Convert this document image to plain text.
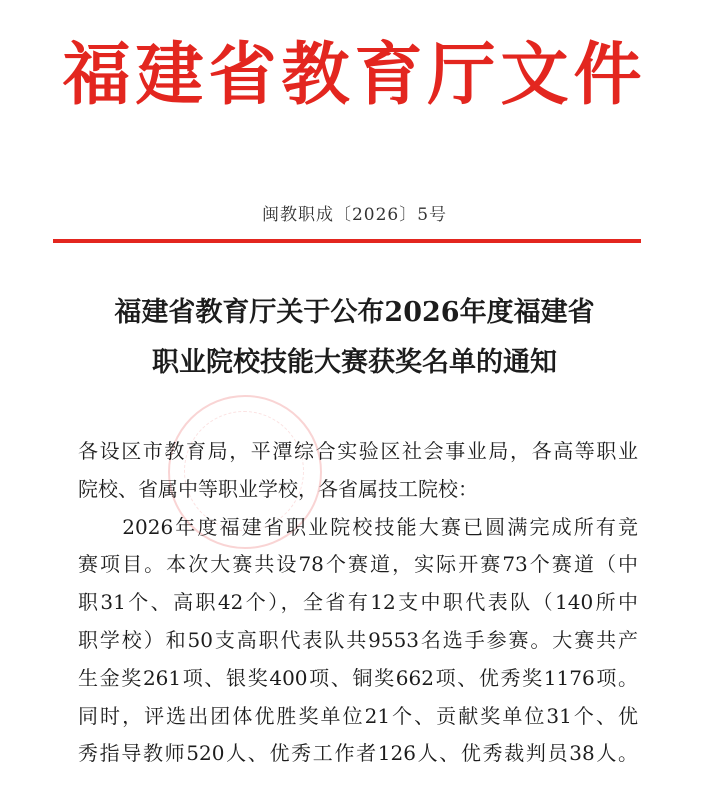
福建省教育厅文件
闽教职成〔2026〕5号
福建省教育厅关于公布2026年度福建省
职业院校技能大赛获奖名单的通知
各设区市教育局，平潭综合实验区社会事业局，各高等职业
院校、省属中等职业学校，各省属技工院校：
　　2026年度福建省职业院校技能大赛已圆满完成所有竞
赛项目。本次大赛共设78个赛道，实际开赛73个赛道（中
职31个、高职42个），全省有12支中职代表队（140所中
职学校）和50支高职代表队共9553名选手参赛。大赛共产
生金奖261项、银奖400项、铜奖662项、优秀奖1176项。
同时，评选出团体优胜奖单位21个、贡献奖单位31个、优
秀指导教师520人、优秀工作者126人、优秀裁判员38人。
